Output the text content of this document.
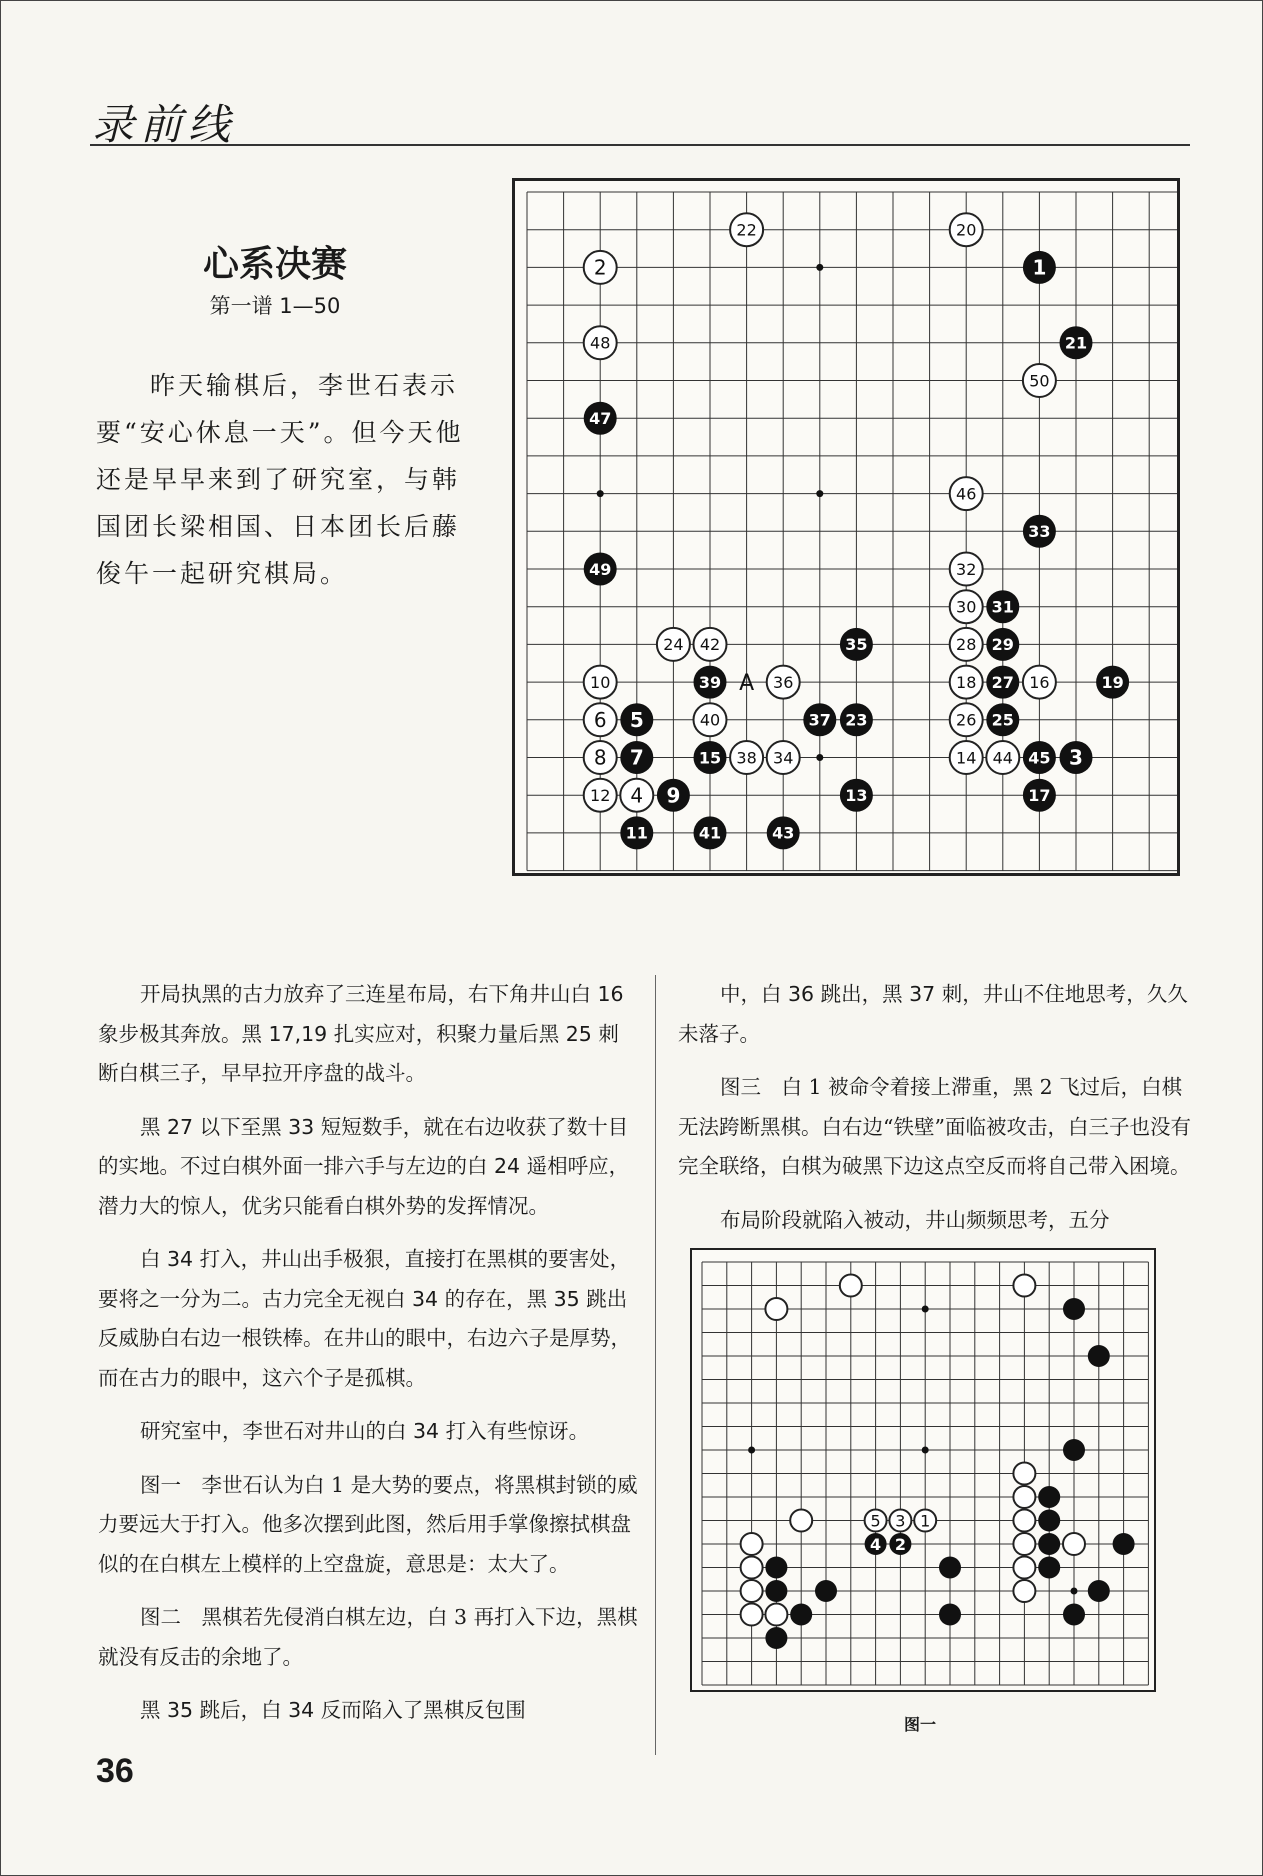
录前线
心系决赛
第一谱 1—50

昨天输棋后，李世石表示要“安心休息一天”。但今天他还是早早来到了研究室，与韩国团长梁相国、日本团长后藤俊午一起研究棋局。

1
2
3
4
5
6
7
8
9
10
11
12	13
14
15
16
17
18	19
20
21
22
23
24
25
26
27
28 29
30 31
32
33
34
35
36
37
38
39
40
41
42
43
44 45
46
47
48
49
50
A

开局执黑的古力放弃了三连星布局，右下角井山白 16 象步极其奔放。黑 17,19 扎实应对，积聚力量后黑 25 刺断白棋三子，早早拉开序盘的战斗。

黑 27 以下至黑 33 短短数手，就在右边收获了数十目的实地。不过白棋外面一排六手与左边的白 24 遥相呼应，潜力大的惊人，优劣只能看白棋外势的发挥情况。

白 34 打入，井山出手极狠，直接打在黑棋的要害处，要将之一分为二。古力完全无视白 34 的存在，黑 35 跳出反威胁白右边一根铁棒。在井山的眼中，右边六子是厚势，而在古力的眼中，这六个子是孤棋。

研究室中，李世石对井山的白 34 打入有些惊讶。

图一　李世石认为白 1 是大势的要点，将黑棋封锁的威力要远大于打入。他多次摆到此图，然后用手掌像擦拭棋盘似的在白棋左上模样的上空盘旋，意思是：太大了。

图二　黑棋若先侵消白棋左边，白 3 再打入下边，黑棋就没有反击的余地了。

黑 35 跳后，白 34 反而陷入了黑棋反包围

中，白 36 跳出，黑 37 刺，井山不住地思考，久久未落子。

图三　白 1 被命令着接上滞重，黑 2 飞过后，白棋无法跨断黑棋。白右边“铁壁”面临被攻击，白三子也没有完全联络，白棋为破黑下边这点空反而将自己带入困境。

布局阶段就陷入被动，井山频频思考，五分

1
2
3
4
5
图一
36
